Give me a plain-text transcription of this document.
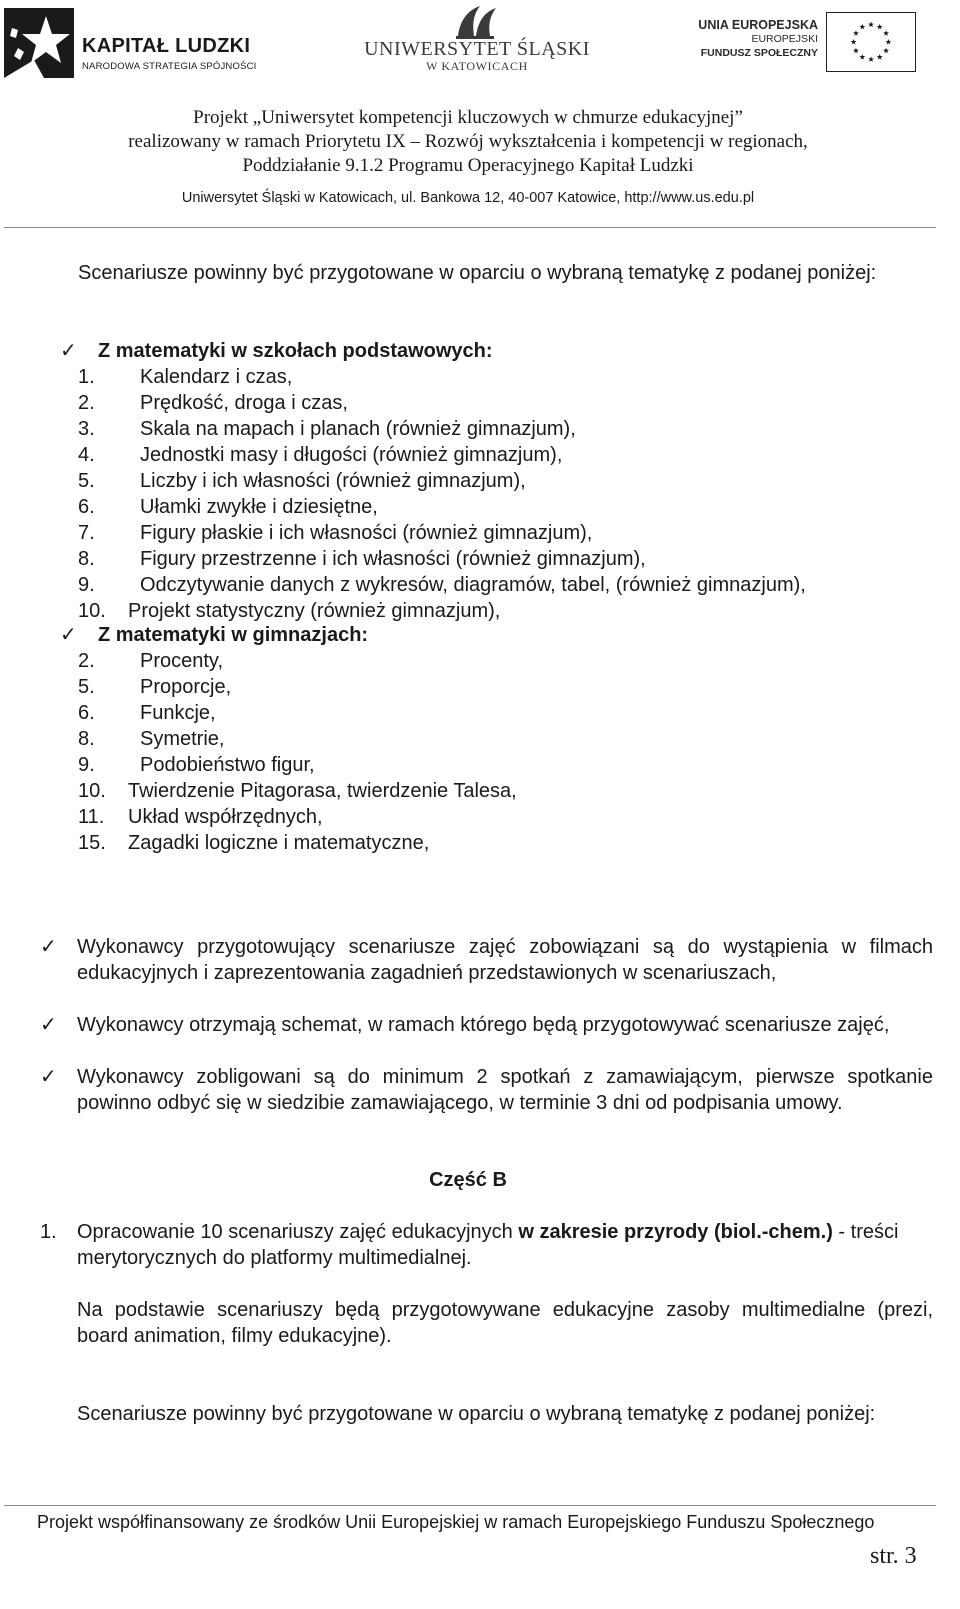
KAPITAŁ LUDZKI
NARODOWA STRATEGIA SPÓJNOŚCI
UNIWERSYTET ŚLĄSKI
W KATOWICACH
UNIA EUROPEJSKA
EUROPEJSKI
FUNDUSZ SPOŁECZNY
Projekt „Uniwersytet kompetencji kluczowych w chmurze edukacyjnej”
realizowany w ramach Priorytetu IX – Rozwój wykształcenia i kompetencji w regionach,
Poddziałanie 9.1.2 Programu Operacyjnego Kapitał Ludzki
Uniwersytet Śląski w Katowicach, ul. Bankowa 12, 40-007 Katowice, http://www.us.edu.pl
Scenariusze powinny być przygotowane w oparciu o wybraną tematykę z podanej poniżej:
✓ Z matematyki w szkołach podstawowych:
1. Kalendarz i czas,
2. Prędkość, droga i czas,
3. Skala na mapach i planach (również gimnazjum),
4. Jednostki masy i długości (również gimnazjum),
5. Liczby i ich własności (również gimnazjum),
6. Ułamki zwykłe i dziesiętne,
7. Figury płaskie i ich własności (również gimnazjum),
8. Figury przestrzenne i ich własności (również gimnazjum),
9. Odczytywanie danych z wykresów, diagramów, tabel, (również gimnazjum),
10. Projekt statystyczny (również gimnazjum),
✓ Z matematyki w gimnazjach:
2. Procenty,
5. Proporcje,
6. Funkcje,
8. Symetrie,
9. Podobieństwo figur,
10. Twierdzenie Pitagorasa, twierdzenie Talesa,
11. Układ współrzędnych,
15. Zagadki logiczne i matematyczne,
✓ Wykonawcy przygotowujący scenariusze zajęć zobowiązani są do wystąpienia w filmach edukacyjnych i zaprezentowania zagadnień przedstawionych w scenariuszach,
✓ Wykonawcy otrzymają schemat, w ramach którego będą przygotowywać scenariusze zajęć,
✓ Wykonawcy zobligowani są do minimum 2 spotkań z zamawiającym, pierwsze spotkanie powinno odbyć się w siedzibie zamawiającego, w terminie 3 dni od podpisania umowy.
Część B
1. Opracowanie 10 scenariuszy zajęć edukacyjnych w zakresie przyrody (biol.-chem.) - treści merytorycznych do platformy multimedialnej.
Na podstawie scenariuszy będą przygotowywane edukacyjne zasoby multimedialne (prezi, board animation, filmy edukacyjne).
Scenariusze powinny być przygotowane w oparciu o wybraną tematykę z podanej poniżej:
Projekt współfinansowany ze środków Unii Europejskiej w ramach Europejskiego Funduszu Społecznego
str. 3
